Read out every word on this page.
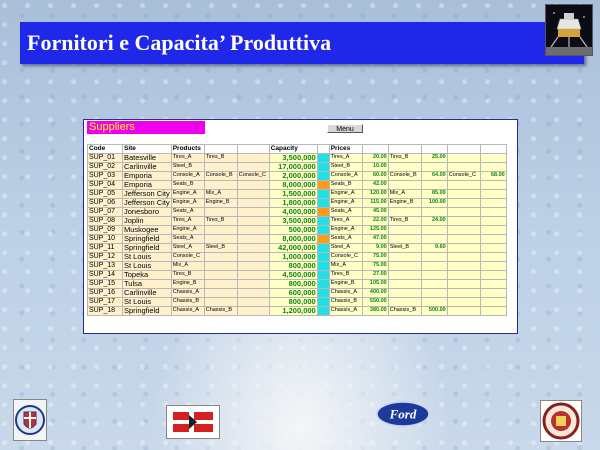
Fornitori e Capacita’ Produttiva
Suppliers	Menu
Code	Site	Products			Capacity		Prices					
SUP_01	Batesville	Tires_A	Tires_B		3,500,000		Tires_A	20.00	Tires_B	25.00		
SUP_02	Carlinville	Steel_B			17,000,000		Steel_B	10.00				
SUP_03	Emporia	Console_A	Console_B	Console_C	2,000,000		Console_A	60.00	Console_B	64.00	Console_C	68.00
SUP_04	Emporia	Seats_B			8,000,000		Seats_B	42.00				
SUP_05	Jefferson City	Engine_A	Mix_A		1,500,000		Engine_A	120.00	Mix_A	85.00		
SUP_06	Jefferson City	Engine_A	Engine_B		1,800,000		Engine_A	115.00	Engine_B	100.00		
SUP_07	Jonesboro	Seats_A			4,000,000		Seats_A	45.00				
SUP_08	Joplin	Tires_A	Tires_B		3,500,000		Tires_A	22.00	Tires_B	24.00		
SUP_09	Muskogee	Engine_A			500,000		Engine_A	125.00				
SUP_10	Springfield	Seats_A			8,000,000		Seats_A	47.00				
SUP_11	Springfield	Steel_A	Steel_B		42,000,000		Steel_A	9.00	Steel_B	9.60		
SUP_12	St Louis	Console_C			1,000,000		Console_C	75.00				
SUP_13	St Louis	Mix_A			800,000		Mix_A	75.00				
SUP_14	Topeka	Tires_B			4,500,000		Tires_B	27.00				
SUP_15	Tulsa	Engine_B			800,000		Engine_B	105.00				
SUP_16	Carlinville	Chassis_A			600,000		Chassis_A	400.00				
SUP_17	St Louis	Chassis_B			800,000		Chassis_B	550.00				
SUP_18	Springfield	Chassis_A	Chassis_B		1,200,000		Chassis_A	380.00	Chassis_B	500.00		
Ford
